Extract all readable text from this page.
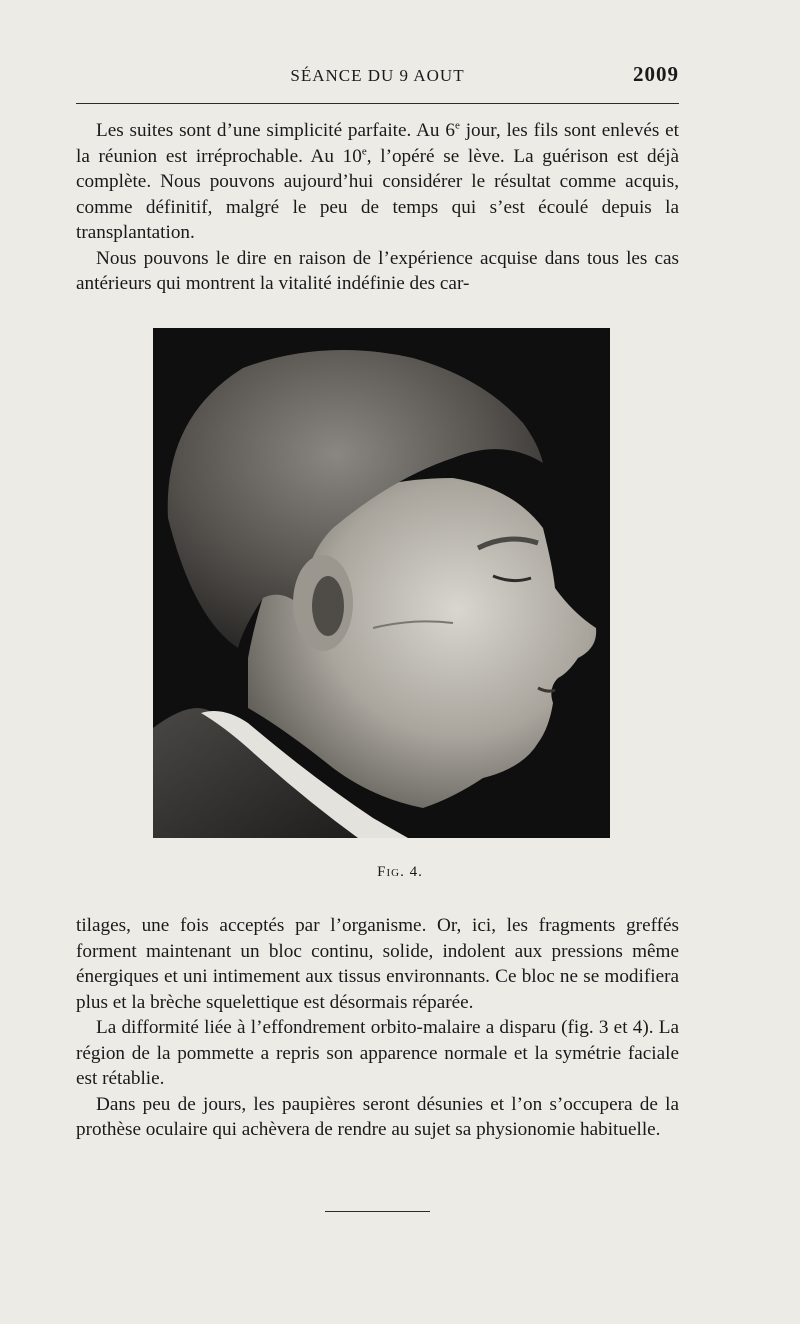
SÉANCE DU 9 AOUT	2009

Les suites sont d’une simplicité parfaite. Au 6e jour, les fils sont enlevés et la réunion est irréprochable. Au 10e, l’opéré se lève. La guérison est déjà complète. Nous pouvons aujourd’hui considérer le résultat comme acquis, comme définitif, malgré le peu de temps qui s’est écoulé depuis la transplantation.

Nous pouvons le dire en raison de l’expérience acquise dans tous les cas antérieurs qui montrent la vitalité indéfinie des car-

Fig. 4.

tilages, une fois acceptés par l’organisme. Or, ici, les fragments greffés forment maintenant un bloc continu, solide, indolent aux pressions même énergiques et uni intimement aux tissus environnants. Ce bloc ne se modifiera plus et la brèche squelettique est désormais réparée.

La difformité liée à l’effondrement orbito-malaire a disparu (fig. 3 et 4). La région de la pommette a repris son apparence normale et la symétrie faciale est rétablie.

Dans peu de jours, les paupières seront désunies et l’on s’occupera de la prothèse oculaire qui achèvera de rendre au sujet sa physionomie habituelle.
